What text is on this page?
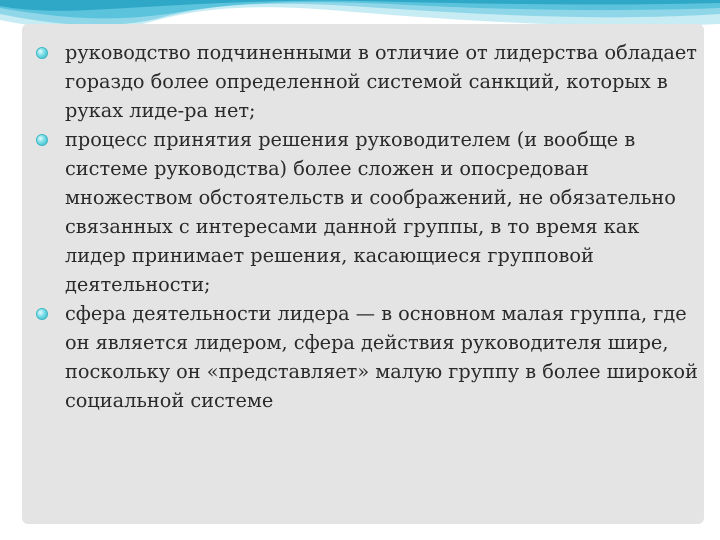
руководство подчиненными в отличие от лидерства обладает гораздо более определенной системой санкций, которых в руках лиде-ра нет;
процесс принятия решения руководителем (и вообще в системе руководства) более сложен и опосредован множеством обстоятельств и соображений, не обязательно связанных с интересами данной группы, в то время как лидер принимает решения, касающиеся групповой деятельности;
сфера деятельности лидера — в основном малая группа, где он является лидером, сфера действия руководителя шире, поскольку он «представляет» малую группу в более широкой социальной системе
